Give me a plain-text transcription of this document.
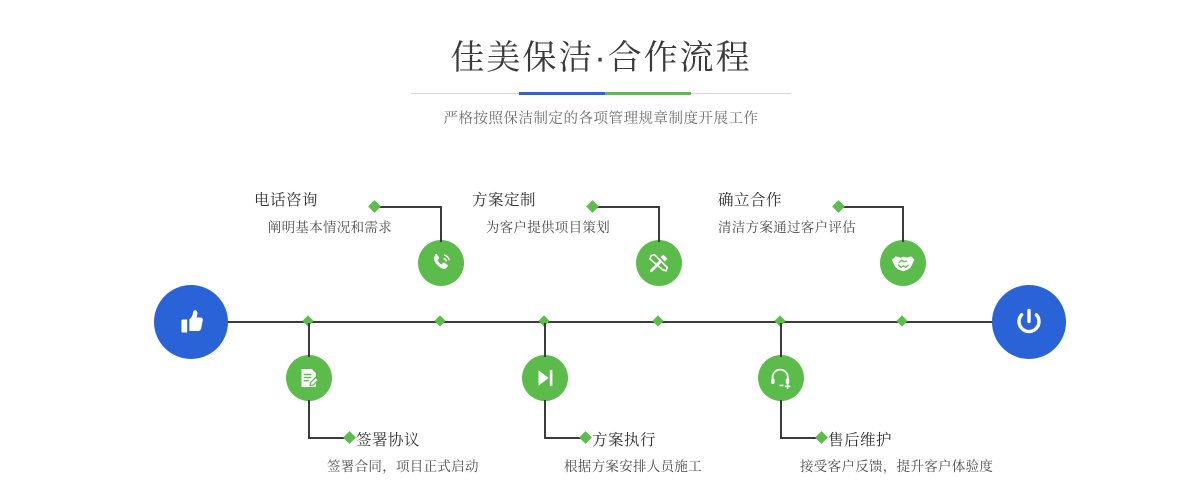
佳美保洁·合作流程

严格按照保洁制定的各项管理规章制度开展工作

电话咨询
阐明基本情况和需求
签署协议
签署合同，项目正式启动
方案定制
为客户提供项目策划
方案执行
根据方案安排人员施工
确立合作
清洁方案通过客户评估
售后维护
接受客户反馈，提升客户体验度
